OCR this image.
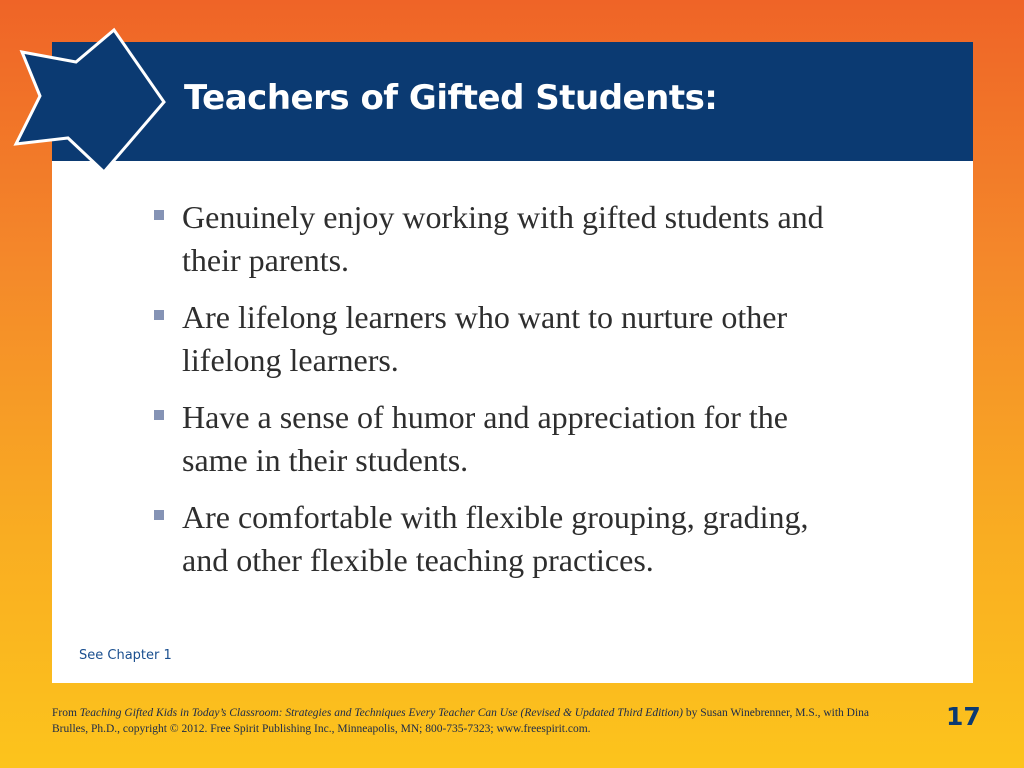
Teachers of Gifted Students:
Genuinely enjoy working with gifted students and their parents.
Are lifelong learners who want to nurture other lifelong learners.
Have a sense of humor and appreciation for the same in their students.
Are comfortable with flexible grouping, grading, and other flexible teaching practices.
See Chapter 1
From Teaching Gifted Kids in Today’s Classroom: Strategies and Techniques Every Teacher Can Use (Revised & Updated Third Edition) by Susan Winebrenner, M.S., with Dina Brulles, Ph.D., copyright © 2012. Free Spirit Publishing Inc., Minneapolis, MN; 800-735-7323; www.freespirit.com.	17
